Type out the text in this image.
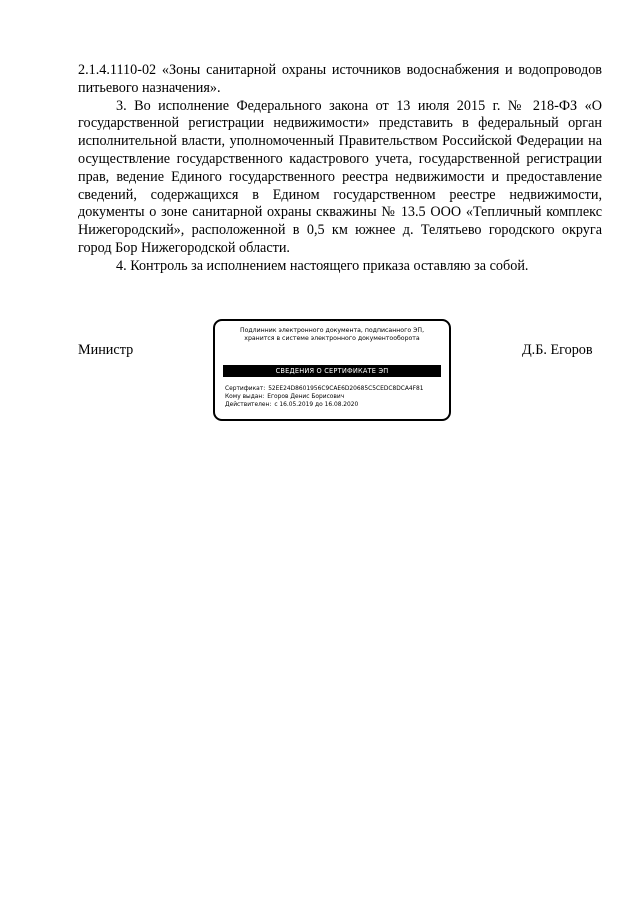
2.1.4.1110-02 «Зоны санитарной охраны источников водоснабжения и водопроводов питьевого назначения».

3. Во исполнение Федерального закона от 13 июля 2015 г. № 218-ФЗ «О государственной регистрации недвижимости» представить в федеральный орган исполнительной власти, уполномоченный Правительством Российской Федерации на осуществление государственного кадастрового учета, государственной регистрации прав, ведение Единого государственного реестра недвижимости и предоставление сведений, содержащихся в Едином государственном реестре недвижимости, документы о зоне санитарной охраны скважины № 13.5 ООО «Тепличный комплекс Нижегородский», расположенной в 0,5 км южнее д. Телятьево городского округа город Бор Нижегородской области.

4. Контроль за исполнением настоящего приказа оставляю за собой.

Министр
Подлинник электронного документа, подписанного ЭП,
хранится в системе электронного документооборота
СВЕДЕНИЯ О СЕРТИФИКАТЕ ЭП
Сертификат: 52EE24D8601956C9CAE6D20685C5CEDC8DCA4F81
Кому выдан: Егоров Денис Борисович
Действителен: с 16.05.2019 до 16.08.2020
Д.Б. Егоров
